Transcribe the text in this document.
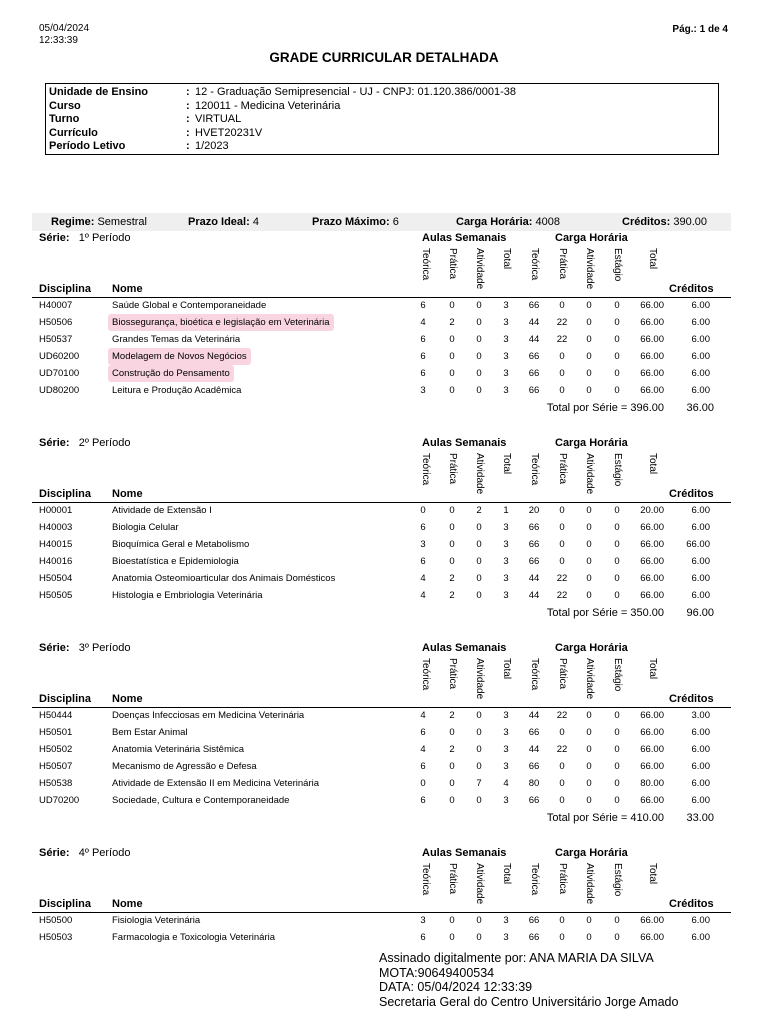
05/04/2024
12:33:39
Pág.: 1 de 4
GRADE CURRICULAR DETALHADA
Unidade de Ensino	: 12 - Graduação Semipresencial - UJ - CNPJ: 01.120.386/0001-38
Curso	: 120011 - Medicina Veterinária
Turno	: VIRTUAL
Currículo	: HVET20231V
Período Letivo	: 1/2023
Regime: Semestral	Prazo Ideal: 4	Prazo Máximo: 6	Carga Horária: 4008	Créditos: 390.00
Série: 1º Período	Aulas Semanais	Carga Horária
Teórica Prática Atividade Total Teórica Prática Atividade Estágio Total
Disciplina Nome	Créditos
H40007	Saúde Global e Contemporaneidade	6	0	0	3	66	0	0	0	66.00	6.00
H50506	Biossegurança, bioética e legislação em Veterinária	4	2	0	3	44	22	0	0	66.00	6.00
H50537	Grandes Temas da Veterinária	6	0	0	3	44	22	0	0	66.00	6.00
UD60200	Modelagem de Novos Negócios	6	0	0	3	66	0	0	0	66.00	6.00
UD70100	Construção do Pensamento	6	0	0	3	66	0	0	0	66.00	6.00
UD80200	Leitura e Produção Acadêmica	3	0	0	3	66	0	0	0	66.00	6.00
Total por Série = 396.00	36.00
Série: 2º Período	Aulas Semanais	Carga Horária
Teórica Prática Atividade Total Teórica Prática Atividade Estágio Total
Disciplina Nome	Créditos
H00001	Atividade de Extensão I	0	0	2	1	20	0	0	0	20.00	6.00
H40003	Biologia Celular	6	0	0	3	66	0	0	0	66.00	6.00
H40015	Bioquímica Geral e Metabolismo	3	0	0	3	66	0	0	0	66.00	66.00
H40016	Bioestatística e Epidemiologia	6	0	0	3	66	0	0	0	66.00	6.00
H50504	Anatomia Osteomioarticular dos Animais Domésticos	4	2	0	3	44	22	0	0	66.00	6.00
H50505	Histologia e Embriologia Veterinária	4	2	0	3	44	22	0	0	66.00	6.00
Total por Série = 350.00	96.00
Série: 3º Período	Aulas Semanais	Carga Horária
Teórica Prática Atividade Total Teórica Prática Atividade Estágio Total
Disciplina Nome	Créditos
H50444	Doenças Infecciosas em Medicina Veterinária	4	2	0	3	44	22	0	0	66.00	3.00
H50501	Bem Estar Animal	6	0	0	3	66	0	0	0	66.00	6.00
H50502	Anatomia Veterinária Sistêmica	4	2	0	3	44	22	0	0	66.00	6.00
H50507	Mecanismo de Agressão e Defesa	6	0	0	3	66	0	0	0	66.00	6.00
H50538	Atividade de Extensão II em Medicina Veterinária	0	0	7	4	80	0	0	0	80.00	6.00
UD70200	Sociedade, Cultura e Contemporaneidade	6	0	0	3	66	0	0	0	66.00	6.00
Total por Série = 410.00	33.00
Série: 4º Período	Aulas Semanais	Carga Horária
Teórica Prática Atividade Total Teórica Prática Atividade Estágio Total
Disciplina Nome	Créditos
H50500	Fisiologia Veterinária	3	0	0	3	66	0	0	0	66.00	6.00
H50503	Farmacologia e Toxicologia Veterinária	6	0	0	3	66	0	0	0	66.00	6.00
Assinado digitalmente por: ANA MARIA DA SILVA
MOTA:90649400534
DATA: 05/04/2024 12:33:39
Secretaria Geral do Centro Universitário Jorge Amado
